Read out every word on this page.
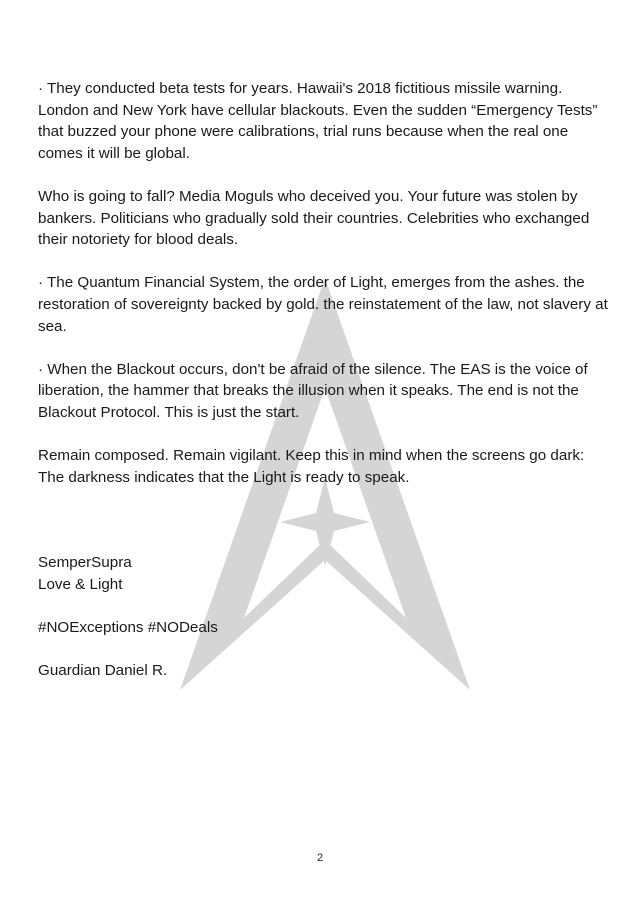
· They conducted beta tests for years. Hawaii's 2018 fictitious missile warning. London and New York have cellular blackouts. Even the sudden “Emergency Tests” that buzzed your phone were calibrations, trial runs because when the real one comes it will be global.

Who is going to fall? Media Moguls who deceived you. Your future was stolen by bankers. Politicians who gradually sold their countries. Celebrities who exchanged their notoriety for blood deals.

· The Quantum Financial System, the order of Light, emerges from the ashes. the restoration of sovereignty backed by gold. the reinstatement of the law, not slavery at sea.

· When the Blackout occurs, don't be afraid of the silence. The EAS is the voice of liberation, the hammer that breaks the illusion when it speaks. The end is not the Blackout Protocol. This is just the start.

Remain composed. Remain vigilant. Keep this in mind when the screens go dark: The darkness indicates that the Light is ready to speak.

SemperSupra
Love & Light

#NOExceptions #NODeals

Guardian Daniel R.

2
